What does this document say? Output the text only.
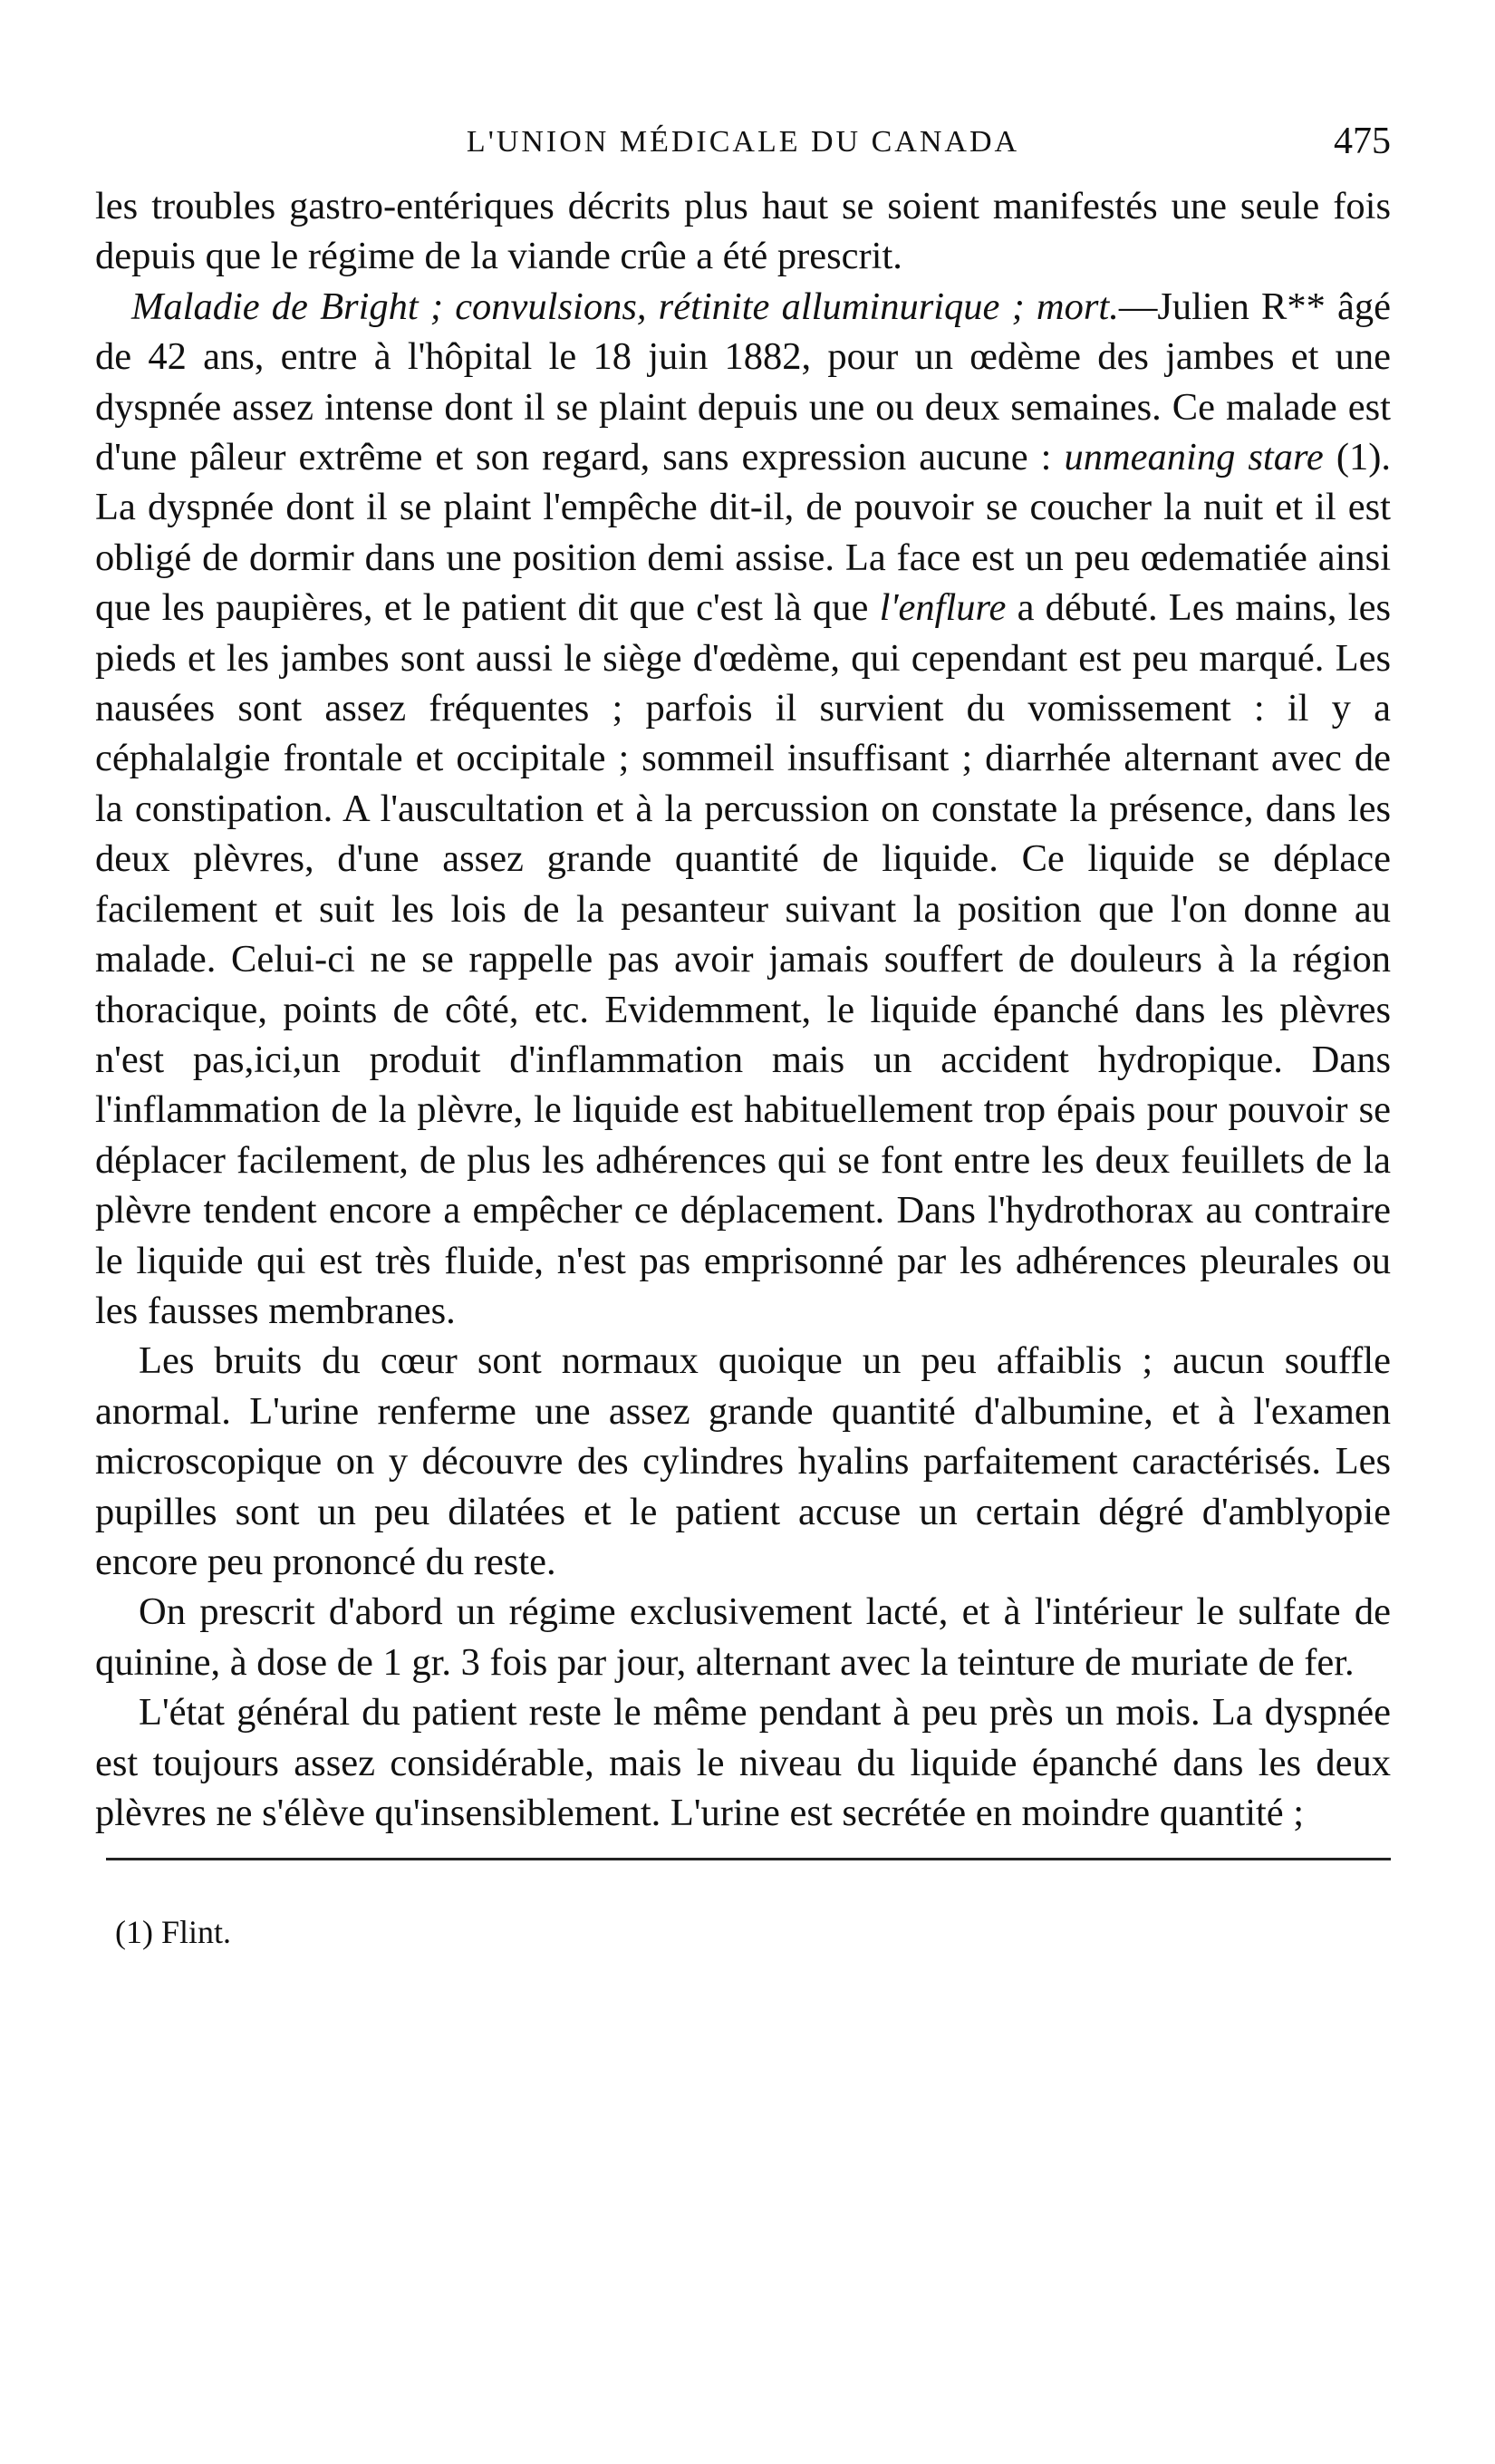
L'UNION MÉDICALE DU CANADA	475

les troubles gastro-entériques décrits plus haut se soient manifestés une seule fois depuis que le régime de la viande crûe a été prescrit.

Maladie de Bright ; convulsions, rétinite alluminurique ; mort.—Julien R** âgé de 42 ans, entre à l'hôpital le 18 juin 1882, pour un œdème des jambes et une dyspnée assez intense dont il se plaint depuis une ou deux semaines. Ce malade est d'une pâleur extrême et son regard, sans expression aucune : unmeaning stare (1). La dyspnée dont il se plaint l'empêche dit-il, de pouvoir se coucher la nuit et il est obligé de dormir dans une position demi assise. La face est un peu œdematiée ainsi que les paupières, et le patient dit que c'est là que l'enflure a débuté. Les mains, les pieds et les jambes sont aussi le siège d'œdème, qui cependant est peu marqué. Les nausées sont assez fréquentes ; parfois il survient du vomissement : il y a céphalalgie frontale et occipitale ; sommeil insuffisant ; diarrhée alternant avec de la constipation. A l'auscultation et à la percussion on constate la présence, dans les deux plèvres, d'une assez grande quantité de liquide. Ce liquide se déplace facilement et suit les lois de la pesanteur suivant la position que l'on donne au malade. Celui-ci ne se rappelle pas avoir jamais souffert de douleurs à la région thoracique, points de côté, etc. Evidemment, le liquide épanché dans les plèvres n'est pas,ici,un produit d'inflammation mais un accident hydropique. Dans l'inflammation de la plèvre, le liquide est habituellement trop épais pour pouvoir se déplacer facilement, de plus les adhérences qui se font entre les deux feuillets de la plèvre tendent encore a empêcher ce déplacement. Dans l'hydrothorax au contraire le liquide qui est très fluide, n'est pas emprisonné par les adhérences pleurales ou les fausses membranes.

Les bruits du cœur sont normaux quoique un peu affaiblis ; aucun souffle anormal. L'urine renferme une assez grande quantité d'albumine, et à l'examen microscopique on y découvre des cylindres hyalins parfaitement caractérisés. Les pupilles sont un peu dilatées et le patient accuse un certain dégré d'amblyopie encore peu prononcé du reste.

On prescrit d'abord un régime exclusivement lacté, et à l'intérieur le sulfate de quinine, à dose de 1 gr. 3 fois par jour, alternant avec la teinture de muriate de fer.

L'état général du patient reste le même pendant à peu près un mois. La dyspnée est toujours assez considérable, mais le niveau du liquide épanché dans les deux plèvres ne s'élève qu'insensiblement. L'urine est secrétée en moindre quantité ;

(1) Flint.
